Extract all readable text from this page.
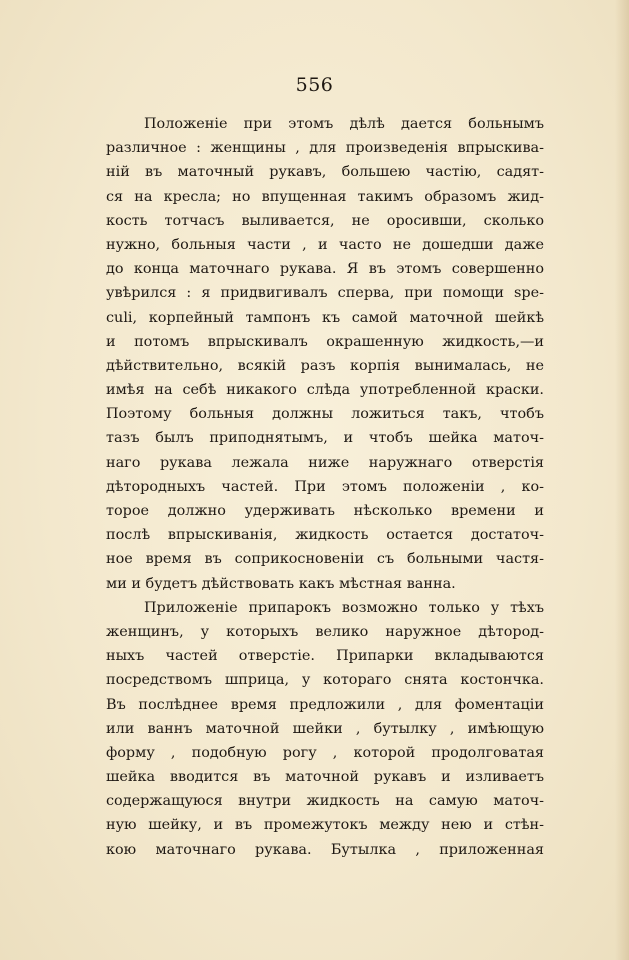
556
Положеніе при этомъ дѣлѣ дается больнымъ
различное : женщины , для произведенія впрыскива-
ній въ маточный рукавъ, большею частію, садят-
ся на кресла; но впущенная такимъ образомъ жид-
кость тотчасъ выливается, не оросивши, сколько
нужно, больныя части , и часто не дошедши даже
до конца маточнаго рукава. Я въ этомъ совершенно
увѣрился : я придвигивалъ сперва, при помощи spe-
culi, корпейный тампонъ къ самой маточной шейкѣ
и потомъ впрыскивалъ окрашенную жидкость,—и
дѣйствительно, всякій разъ корпія вынималась, не
имѣя на себѣ никакого слѣда употребленной краски.
Поэтому больныя должны ложиться такъ, чтобъ
тазъ былъ приподнятымъ, и чтобъ шейка маточ-
наго рукава лежала ниже наружнаго отверстія
дѣтородныхъ частей. При этомъ положеніи , ко-
торое должно удерживать нѣсколько времени и
послѣ впрыскиванія, жидкость остается достаточ-
ное время въ соприкосновеніи съ больными частя-
ми и будетъ дѣйствовать какъ мѣстная ванна.
Приложеніе припарокъ возможно только у тѣхъ
женщинъ, у которыхъ велико наружное дѣтород-
ныхъ частей отверстіе. Припарки вкладываются
посредствомъ шприца, у котораго снята костончка.
Въ послѣднее время предложили , для фоментаціи
или ваннъ маточной шейки , бутылку , имѣющую
форму , подобную рогу , которой продолговатая
шейка вводится въ маточной рукавъ и изливаетъ
содержащуюся внутри жидкость на самую маточ-
ную шейку, и въ промежутокъ между нею и стѣн-
кою маточнаго рукава. Бутылка , приложенная
